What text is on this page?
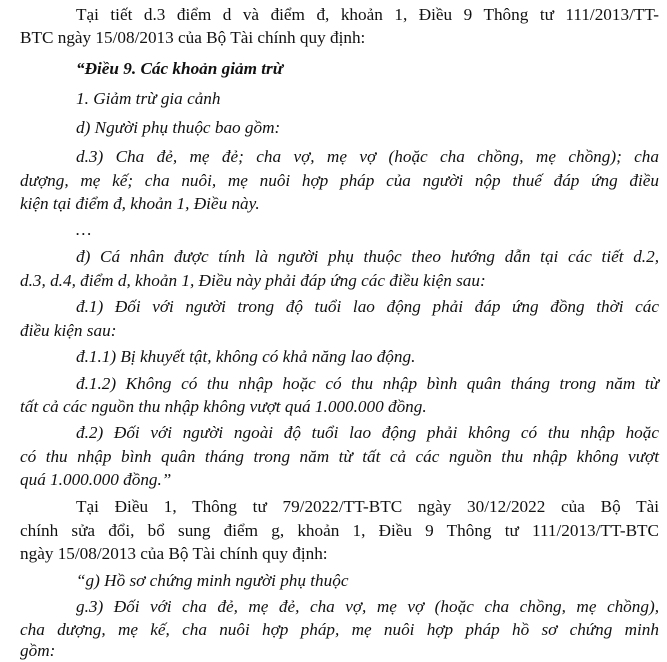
Tại tiết d.3 điểm d và điểm đ, khoản 1, Điều 9 Thông tư 111/2013/TT-
BTC ngày 15/08/2013 của Bộ Tài chính quy định:
“Điều 9. Các khoản giảm trừ
1. Giảm trừ gia cảnh
d) Người phụ thuộc bao gồm:
d.3) Cha đẻ, mẹ đẻ; cha vợ, mẹ vợ (hoặc cha chồng, mẹ chồng); cha
dượng, mẹ kế; cha nuôi, mẹ nuôi hợp pháp của người nộp thuế đáp ứng điều
kiện tại điểm đ, khoản 1, Điều này.
…
đ) Cá nhân được tính là người phụ thuộc theo hướng dẫn tại các tiết d.2,
d.3, d.4, điểm d, khoản 1, Điều này phải đáp ứng các điều kiện sau:
đ.1) Đối với người trong độ tuổi lao động phải đáp ứng đồng thời các
điều kiện sau:
đ.1.1) Bị khuyết tật, không có khả năng lao động.
đ.1.2) Không có thu nhập hoặc có thu nhập bình quân tháng trong năm từ
tất cả các nguồn thu nhập không vượt quá 1.000.000 đồng.
đ.2) Đối với người ngoài độ tuổi lao động phải không có thu nhập hoặc
có thu nhập bình quân tháng trong năm từ tất cả các nguồn thu nhập không vượt
quá 1.000.000 đồng.”
Tại Điều 1, Thông tư 79/2022/TT-BTC ngày 30/12/2022 của Bộ Tài
chính sửa đổi, bổ sung điểm g, khoản 1, Điều 9 Thông tư 111/2013/TT-BTC
ngày 15/08/2013 của Bộ Tài chính quy định:
“g) Hồ sơ chứng minh người phụ thuộc
g.3) Đối với cha đẻ, mẹ đẻ, cha vợ, mẹ vợ (hoặc cha chồng, mẹ chồng),
cha dượng, mẹ kế, cha nuôi hợp pháp, mẹ nuôi hợp pháp hồ sơ chứng minh
gồm:
